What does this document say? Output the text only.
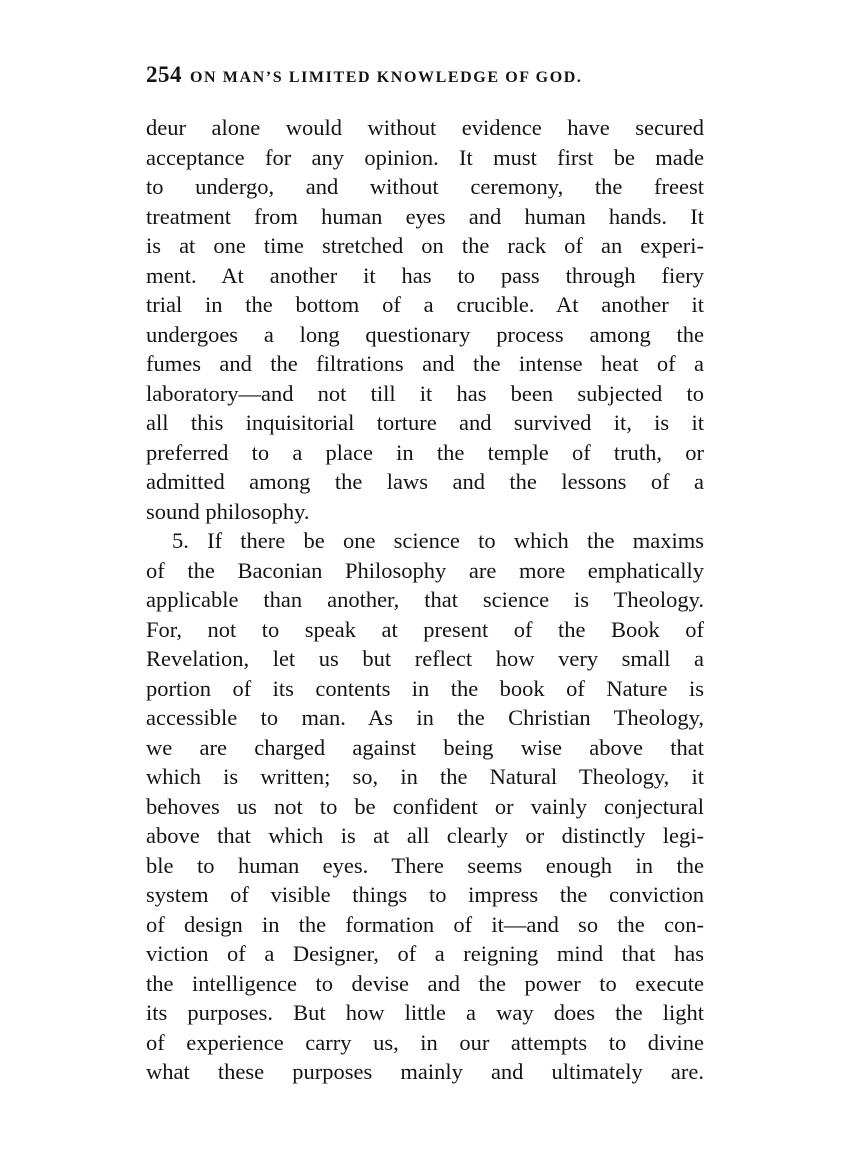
254 ON MAN’S LIMITED KNOWLEDGE OF GOD.
deur alone would without evidence have secured
acceptance for any opinion. It must first be made
to undergo, and without ceremony, the freest
treatment from human eyes and human hands. It
is at one time stretched on the rack of an experi-
ment. At another it has to pass through fiery
trial in the bottom of a crucible. At another it
undergoes a long questionary process among the
fumes and the filtrations and the intense heat of a
laboratory—and not till it has been subjected to
all this inquisitorial torture and survived it, is it
preferred to a place in the temple of truth, or
admitted among the laws and the lessons of a
sound philosophy.
5. If there be one science to which the maxims
of the Baconian Philosophy are more emphatically
applicable than another, that science is Theology.
For, not to speak at present of the Book of
Revelation, let us but reflect how very small a
portion of its contents in the book of Nature is
accessible to man. As in the Christian Theology,
we are charged against being wise above that
which is written; so, in the Natural Theology, it
behoves us not to be confident or vainly conjectural
above that which is at all clearly or distinctly legi-
ble to human eyes. There seems enough in the
system of visible things to impress the conviction
of design in the formation of it—and so the con-
viction of a Designer, of a reigning mind that has
the intelligence to devise and the power to execute
its purposes. But how little a way does the light
of experience carry us, in our attempts to divine
what these purposes mainly and ultimately are.
